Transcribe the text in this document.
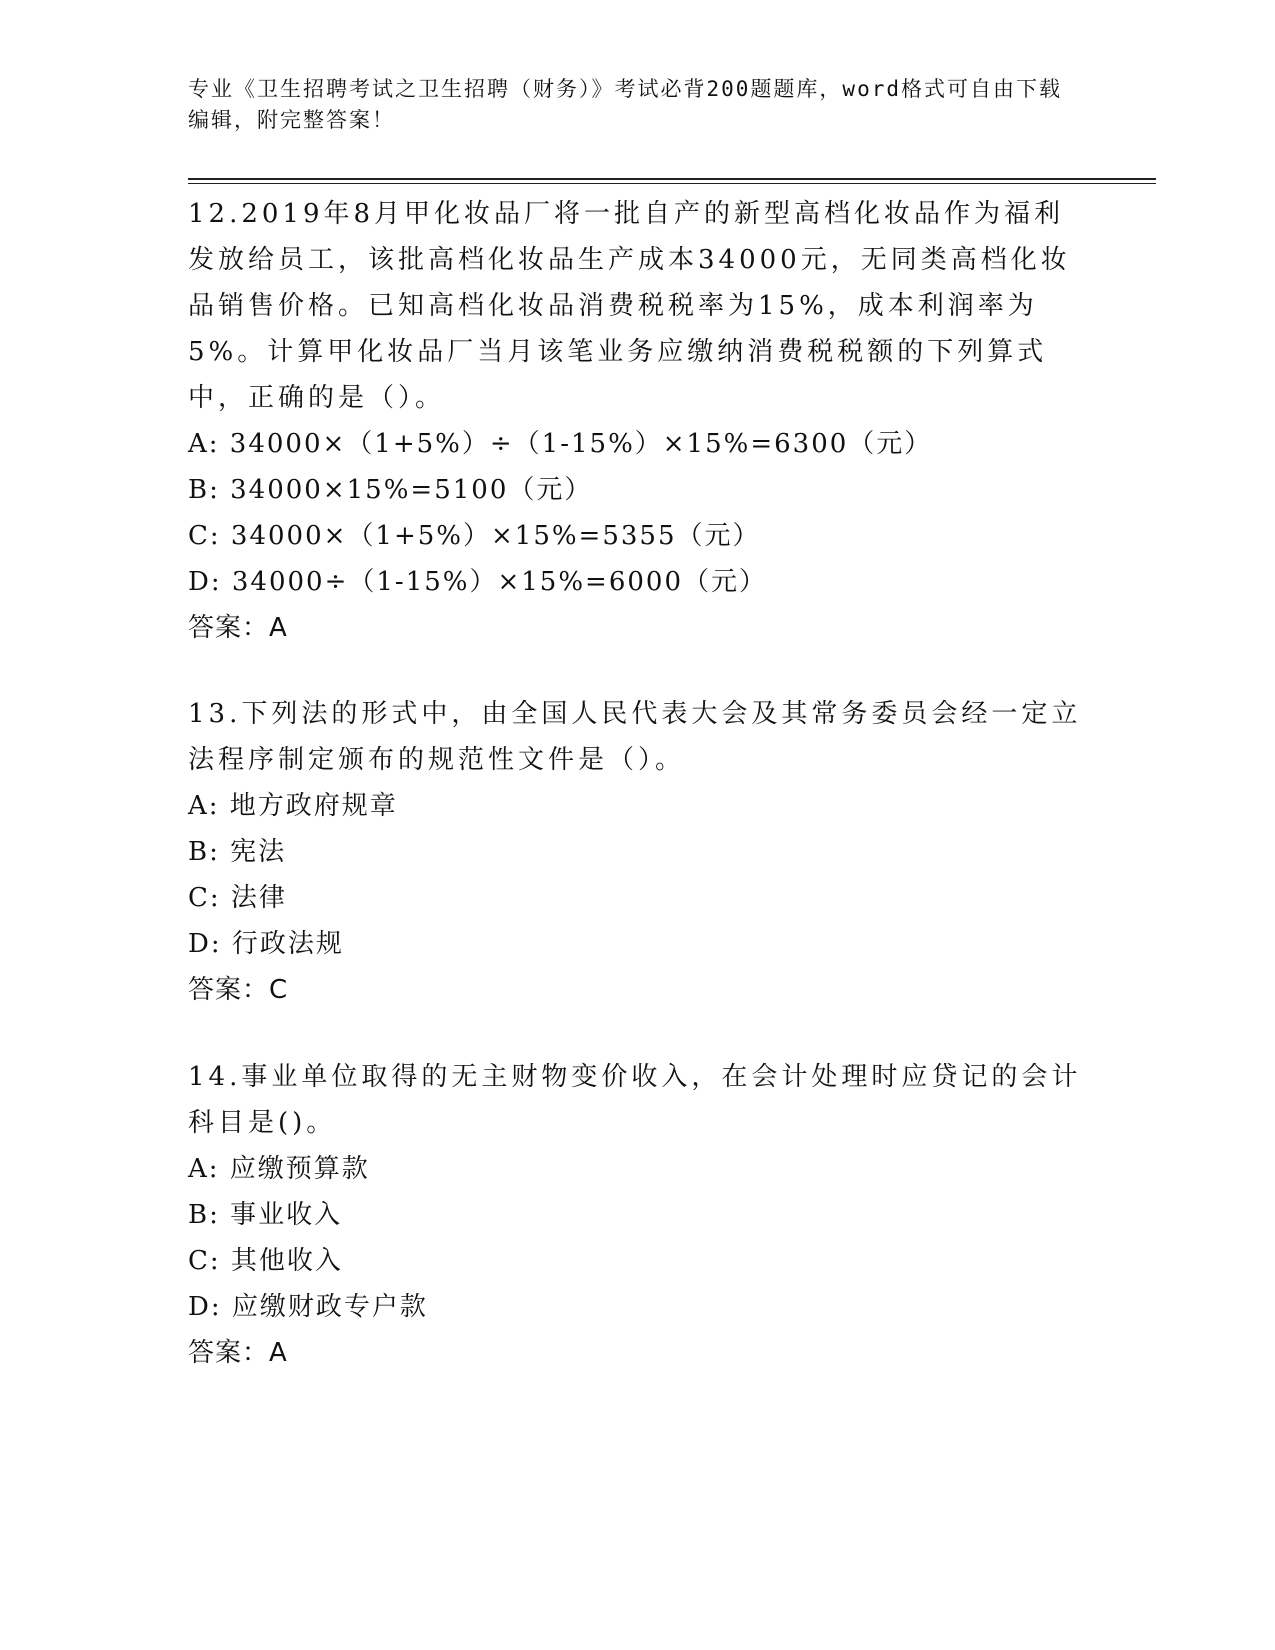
专业《卫生招聘考试之卫生招聘（财务）》考试必背200题题库，word格式可自由下载编辑，附完整答案！

12.2019年8月甲化妆品厂将一批自产的新型高档化妆品作为福利发放给员工，该批高档化妆品生产成本34000元，无同类高档化妆品销售价格。已知高档化妆品消费税税率为15%，成本利润率为5%。计算甲化妆品厂当月该笔业务应缴纳消费税税额的下列算式中，正确的是（）。

A: 34000×（1+5%）÷（1-15%）×15%=6300（元）
B: 34000×15%=5100（元）
C: 34000×（1+5%）×15%=5355（元）
D: 34000÷（1-15%）×15%=6000（元）
答案：A

13.下列法的形式中，由全国人民代表大会及其常务委员会经一定立法程序制定颁布的规范性文件是（）。

A: 地方政府规章
B: 宪法
C: 法律
D: 行政法规
答案：C

14.事业单位取得的无主财物变价收入，在会计处理时应贷记的会计科目是()。

A: 应缴预算款
B: 事业收入
C: 其他收入
D: 应缴财政专户款
答案：A
